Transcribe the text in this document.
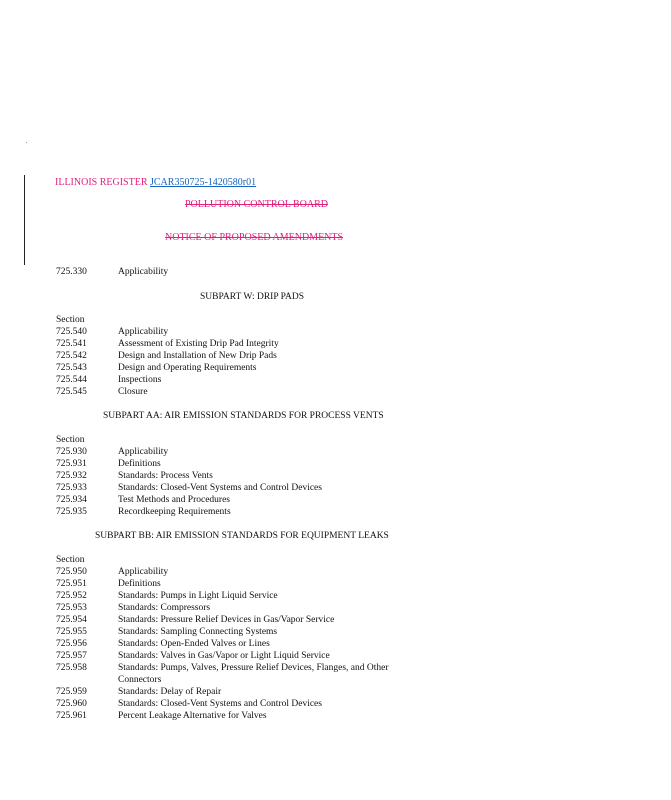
ILLINOIS REGISTER JCAR350725-1420580r01
POLLUTION CONTROL BOARD
NOTICE OF PROPOSED AMENDMENTS
725.330	Applicability
SUBPART W: DRIP PADS
Section
725.540	Applicability
725.541	Assessment of Existing Drip Pad Integrity
725.542	Design and Installation of New Drip Pads
725.543	Design and Operating Requirements
725.544	Inspections
725.545	Closure
SUBPART AA: AIR EMISSION STANDARDS FOR PROCESS VENTS
Section
725.930	Applicability
725.931	Definitions
725.932	Standards: Process Vents
725.933	Standards: Closed-Vent Systems and Control Devices
725.934	Test Methods and Procedures
725.935	Recordkeeping Requirements
SUBPART BB: AIR EMISSION STANDARDS FOR EQUIPMENT LEAKS
Section
725.950	Applicability
725.951	Definitions
725.952	Standards: Pumps in Light Liquid Service
725.953	Standards: Compressors
725.954	Standards: Pressure Relief Devices in Gas/Vapor Service
725.955	Standards: Sampling Connecting Systems
725.956	Standards: Open-Ended Valves or Lines
725.957	Standards: Valves in Gas/Vapor or Light Liquid Service
725.958	Standards: Pumps, Valves, Pressure Relief Devices, Flanges, and Other
Connectors
725.959	Standards: Delay of Repair
725.960	Standards: Closed-Vent Systems and Control Devices
725.961	Percent Leakage Alternative for Valves
